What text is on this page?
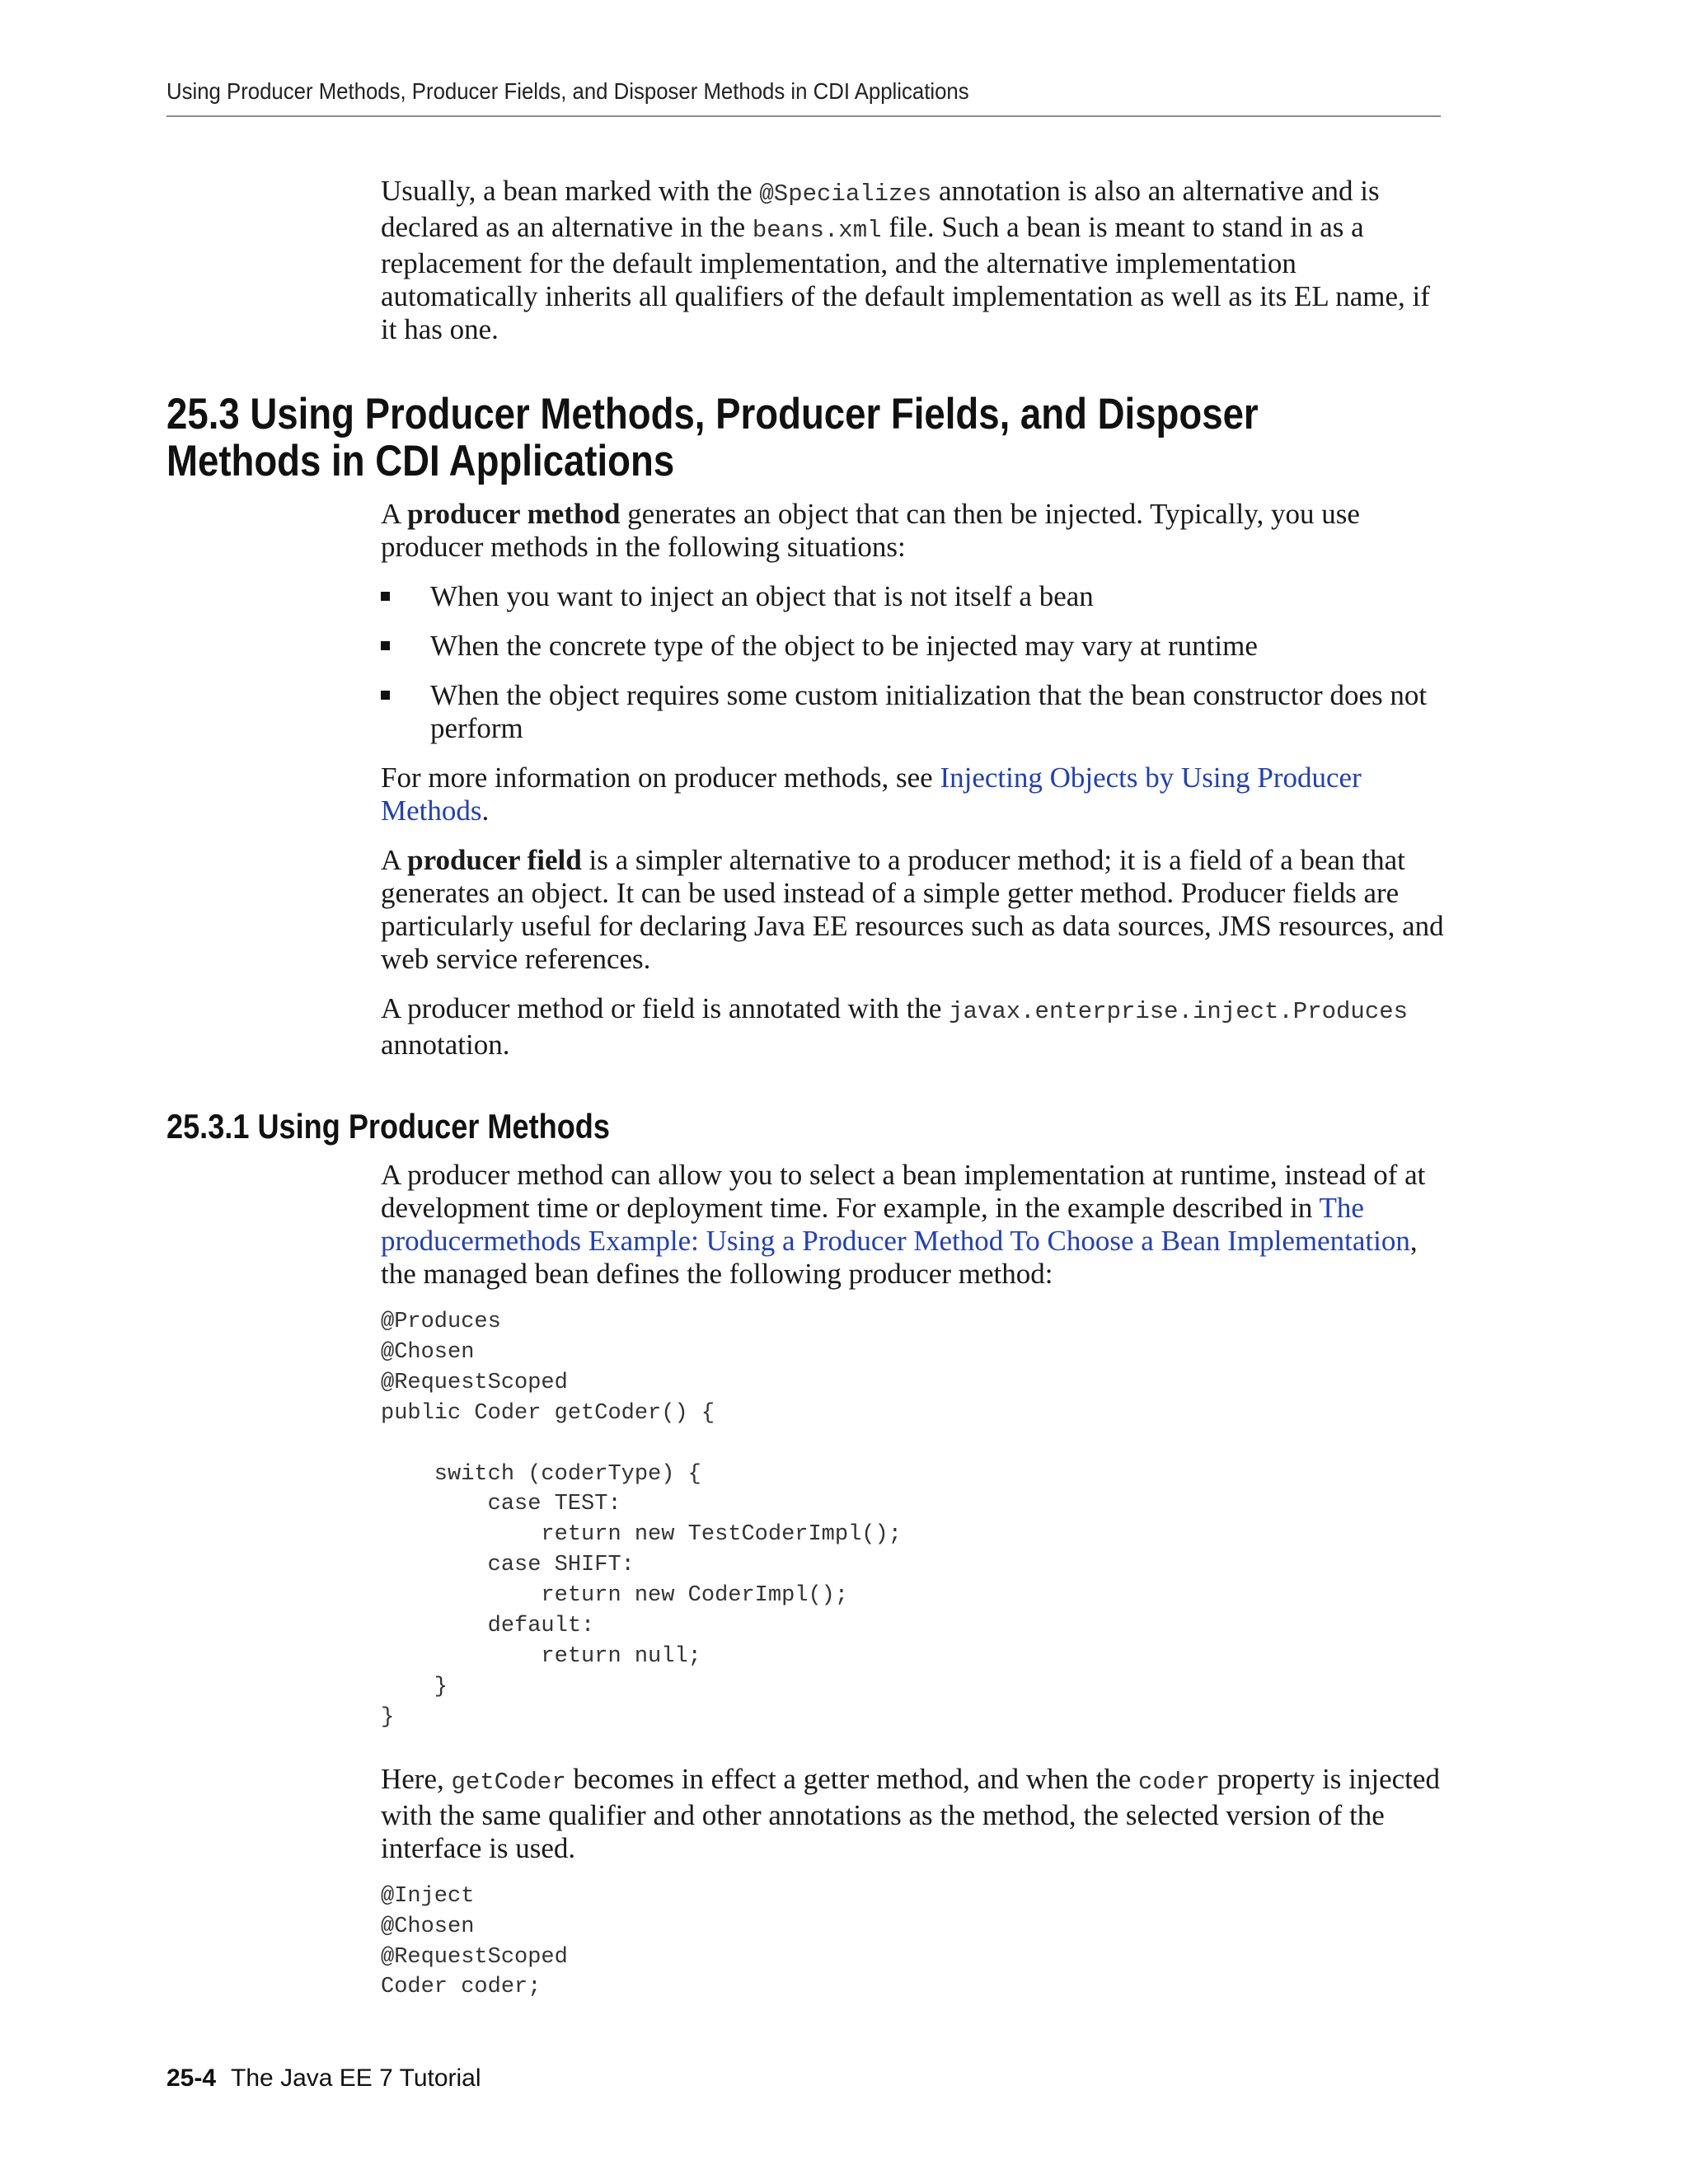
Using Producer Methods, Producer Fields, and Disposer Methods in CDI Applications

Usually, a bean marked with the @Specializes annotation is also an alternative and is declared as an alternative in the beans.xml file. Such a bean is meant to stand in as a replacement for the default implementation, and the alternative implementation automatically inherits all qualifiers of the default implementation as well as its EL name, if it has one.

25.3 Using Producer Methods, Producer Fields, and Disposer Methods in CDI Applications

A producer method generates an object that can then be injected. Typically, you use producer methods in the following situations:

When you want to inject an object that is not itself a bean
When the concrete type of the object to be injected may vary at runtime
When the object requires some custom initialization that the bean constructor does not perform

For more information on producer methods, see Injecting Objects by Using Producer Methods.

A producer field is a simpler alternative to a producer method; it is a field of a bean that generates an object. It can be used instead of a simple getter method. Producer fields are particularly useful for declaring Java EE resources such as data sources, JMS resources, and web service references.

A producer method or field is annotated with the javax.enterprise.inject.Produces annotation.

25.3.1 Using Producer Methods

A producer method can allow you to select a bean implementation at runtime, instead of at development time or deployment time. For example, in the example described in The producermethods Example: Using a Producer Method To Choose a Bean Implementation, the managed bean defines the following producer method:

@Produces
@Chosen
@RequestScoped
public Coder getCoder() {

switch (coderType) {
case TEST:
return new TestCoderImpl();
case SHIFT:
return new CoderImpl();
default:
return null;
}
}

Here, getCoder becomes in effect a getter method, and when the coder property is injected with the same qualifier and other annotations as the method, the selected version of the interface is used.

@Inject
@Chosen
@RequestScoped
Coder coder;
25-4 The Java EE 7 Tutorial
